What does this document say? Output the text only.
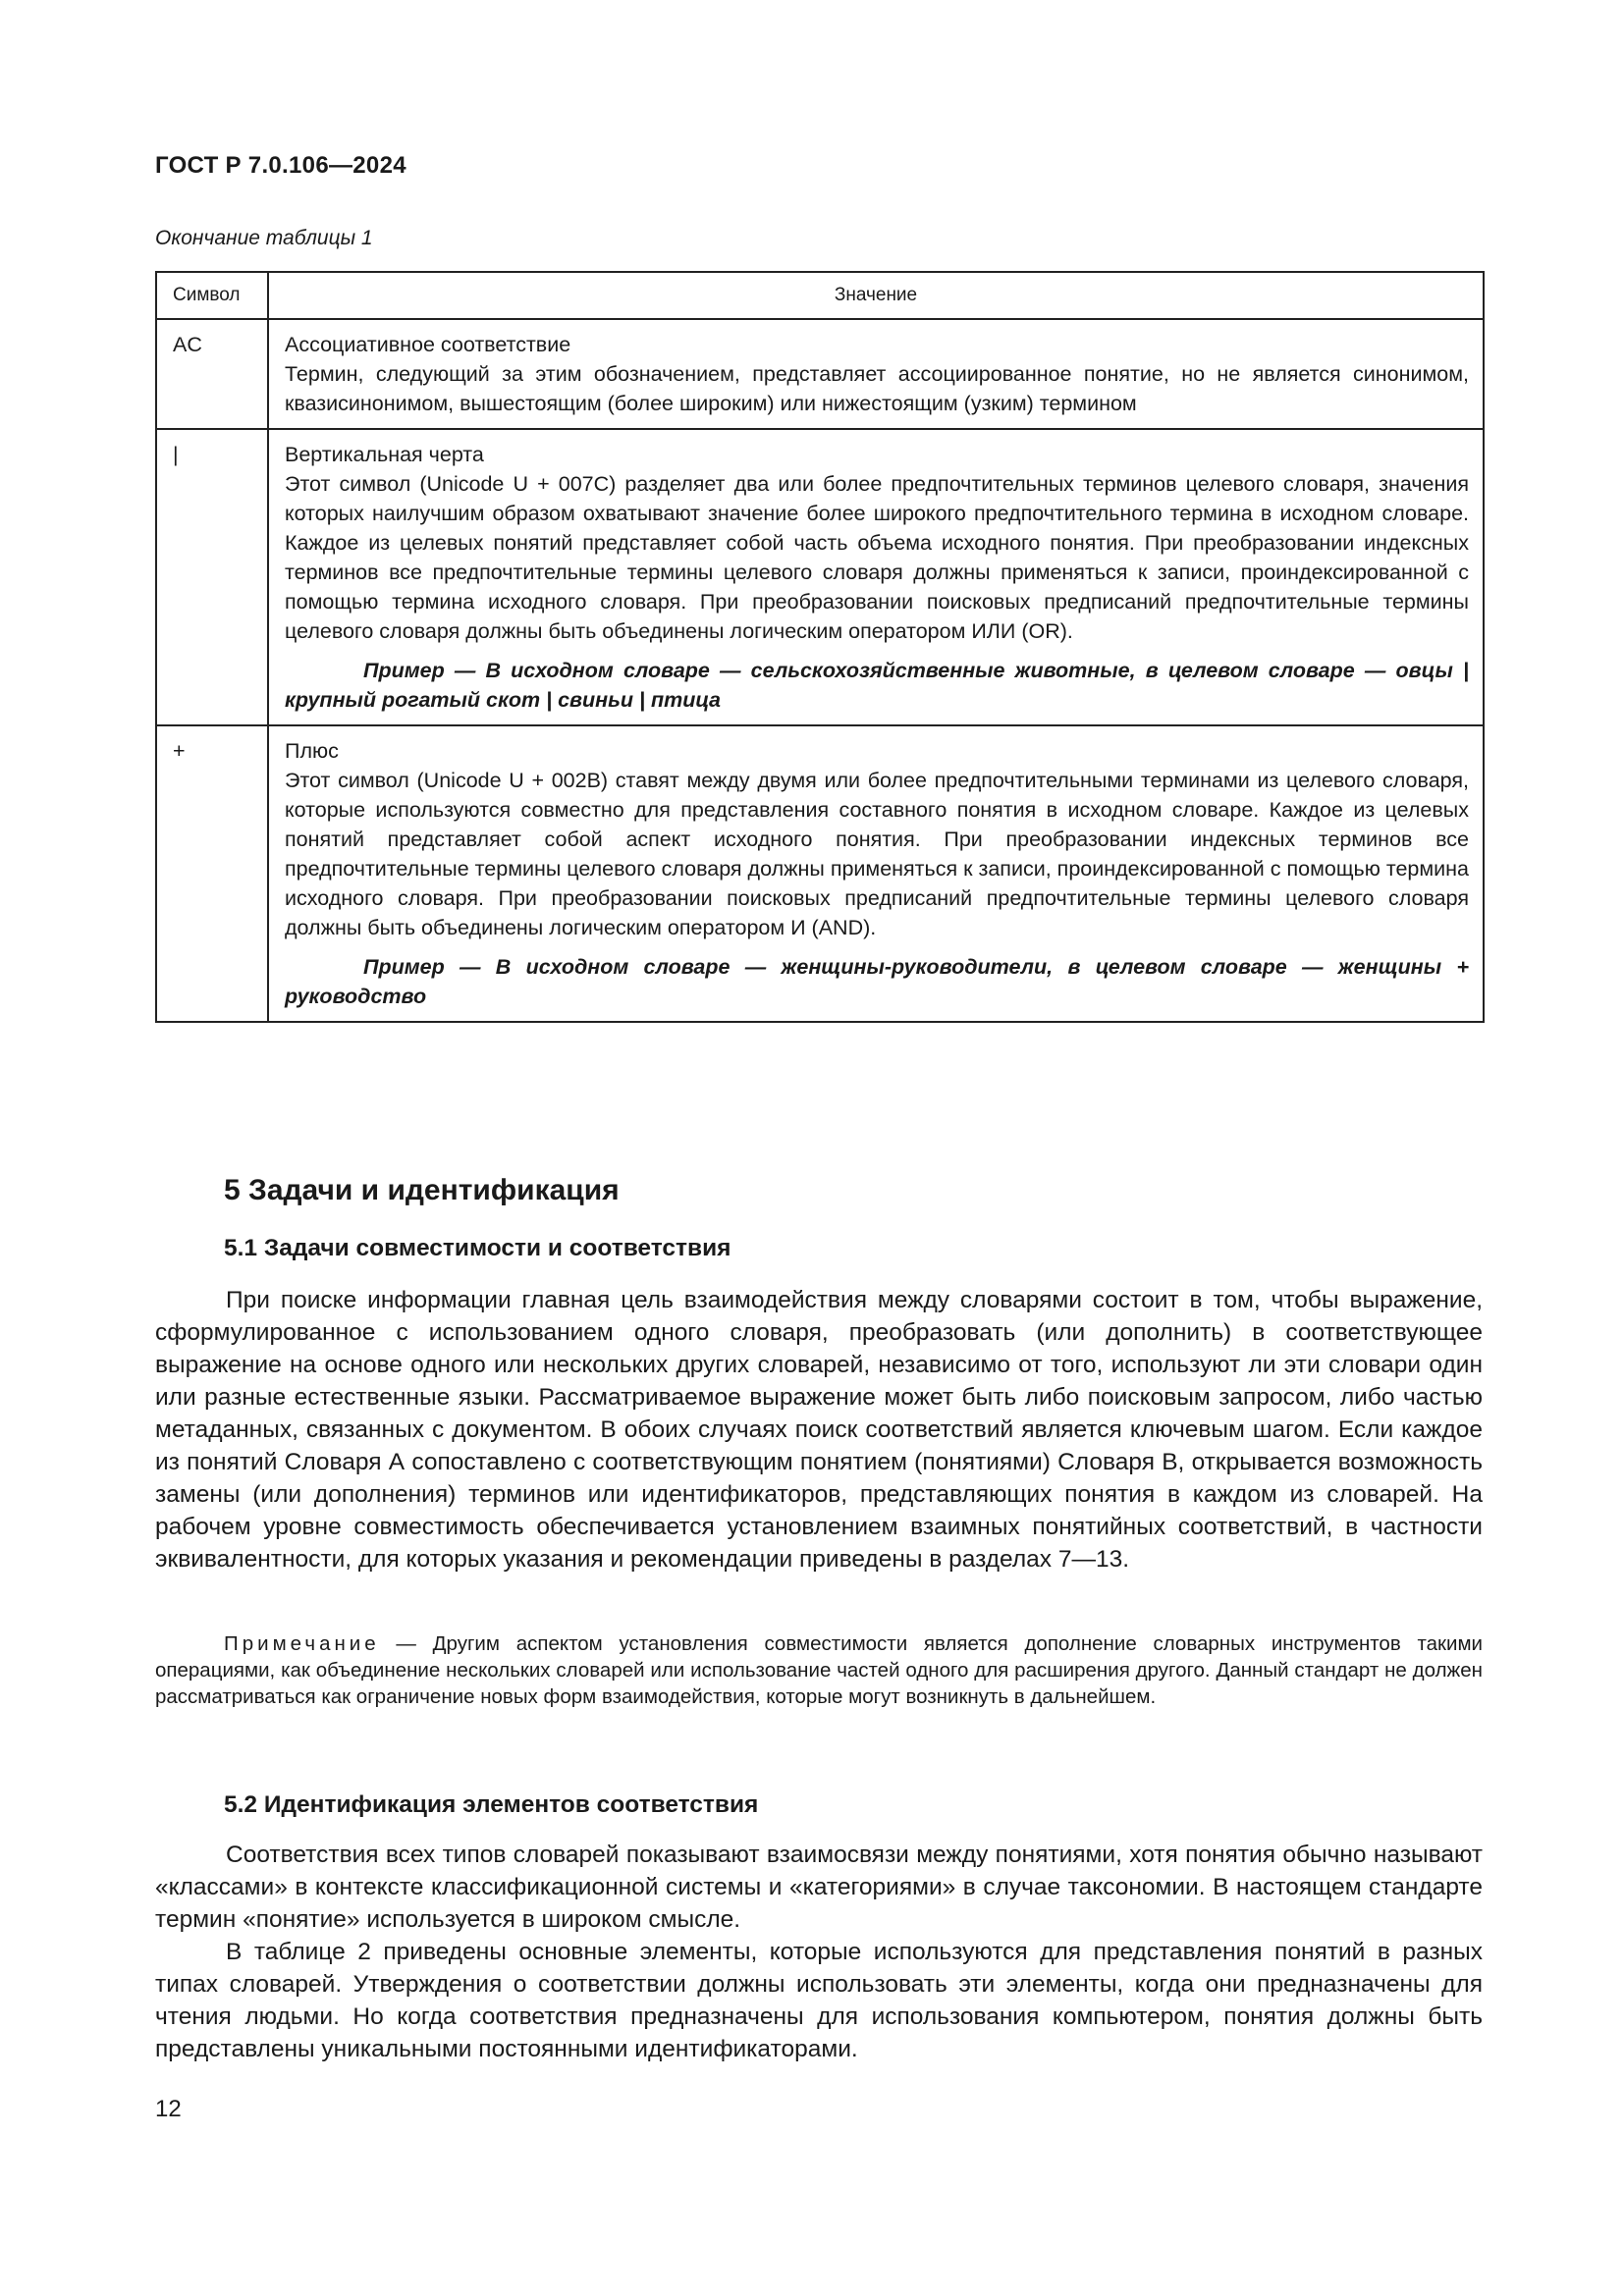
ГОСТ Р 7.0.106—2024
Окончание таблицы 1
Символ	Значение
AC	Ассоциативное соответствие

Термин, следующий за этим обозначением, представляет ассоциированное понятие, но не является синонимом, квазисинонимом, вышестоящим (более широким) или нижестоящим (узким) термином

|	Вертикальная черта

Этот символ (Unicode U + 007C) разделяет два или более предпочтительных терминов целевого словаря, значения которых наилучшим образом охватывают значение более широкого предпочтительного термина в исходном словаре. Каждое из целевых понятий представляет собой часть объема исходного понятия. При преобразовании индексных терминов все предпочтительные термины целевого словаря должны применяться к записи, проиндексированной с помощью термина исходного словаря. При преобразовании поисковых предписаний предпочтительные термины целевого словаря должны быть объединены логическим оператором ИЛИ (OR).

Пример — В исходном словаре — сельскохозяйственные животные, в целевом словаре — овцы | крупный рогатый скот | свиньи | птица

+	Плюс

Этот символ (Unicode U + 002B) ставят между двумя или более предпочтительными терминами из целевого словаря, которые используются совместно для представления составного понятия в исходном словаре. Каждое из целевых понятий представляет собой аспект исходного понятия. При преобразовании индексных терминов все предпочтительные термины целевого словаря должны применяться к записи, проиндексированной с помощью термина исходного словаря. При преобразовании поисковых предписаний предпочтительные термины целевого словаря должны быть объединены логическим оператором И (AND).

Пример — В исходном словаре — женщины-руководители, в целевом словаре — женщины + руководство

5 Задачи и идентификация
5.1 Задачи совместимости и соответствия

При поиске информации главная цель взаимодействия между словарями состоит в том, чтобы выражение, сформулированное с использованием одного словаря, преобразовать (или дополнить) в соответствующее выражение на основе одного или нескольких других словарей, независимо от того, используют ли эти словари один или разные естественные языки. Рассматриваемое выражение может быть либо поисковым запросом, либо частью метаданных, связанных с документом. В обоих случаях поиск соответствий является ключевым шагом. Если каждое из понятий Словаря А сопоставлено с соответствующим понятием (понятиями) Словаря В, открывается возможность замены (или дополнения) терминов или идентификаторов, представляющих понятия в каждом из словарей. На рабочем уровне совместимость обеспечивается установлением взаимных понятийных соответствий, в частности эквивалентности, для которых указания и рекомендации приведены в разделах 7—13.

Примечание — Другим аспектом установления совместимости является дополнение словарных инструментов такими операциями, как объединение нескольких словарей или использование частей одного для расширения другого. Данный стандарт не должен рассматриваться как ограничение новых форм взаимодействия, которые могут возникнуть в дальнейшем.

5.2 Идентификация элементов соответствия

Соответствия всех типов словарей показывают взаимосвязи между понятиями, хотя понятия обычно называют «классами» в контексте классификационной системы и «категориями» в случае таксономии. В настоящем стандарте термин «понятие» используется в широком смысле.

В таблице 2 приведены основные элементы, которые используются для представления понятий в разных типах словарей. Утверждения о соответствии должны использовать эти элементы, когда они предназначены для чтения людьми. Но когда соответствия предназначены для использования компьютером, понятия должны быть представлены уникальными постоянными идентификаторами.

12
